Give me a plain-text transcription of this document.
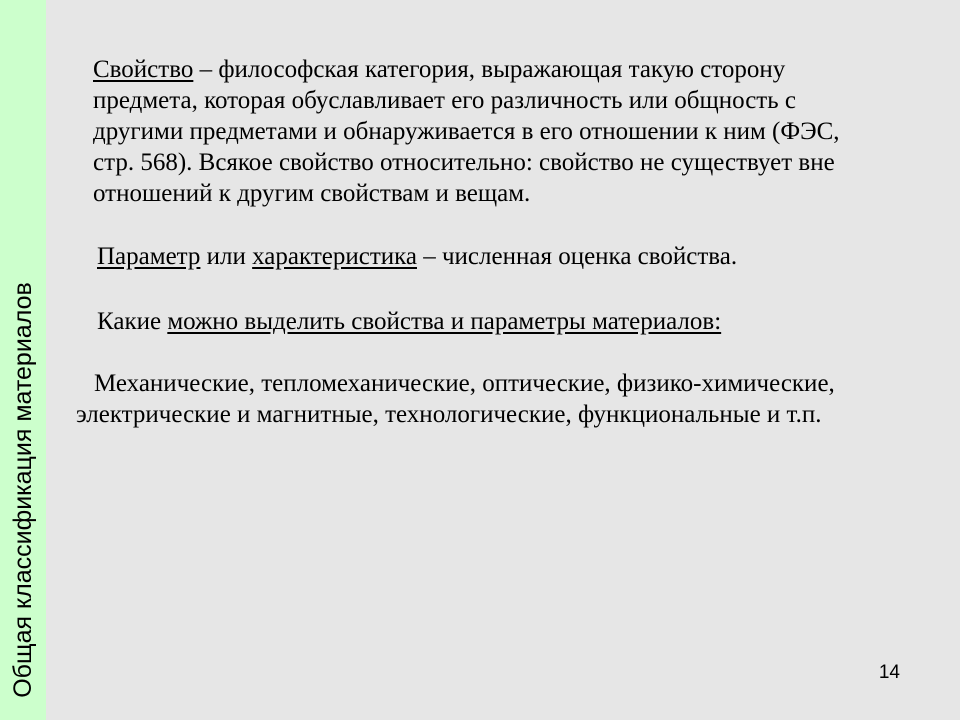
Общая классификация материалов

Свойство – философская категория, выражающая такую сторону предмета, которая обуславливает его различность или общность с другими предметами и обнаруживается в его отношении к ним (ФЭС, стр. 568). Всякое свойство относительно: свойство не существует вне отношений к другим свойствам и вещам.

Параметр или характеристика – численная оценка свойства.

Какие можно выделить свойства и параметры материалов:

Механические, тепломеханические, оптические, физико-химические, электрические и магнитные, технологические, функциональные и т.п.

14
